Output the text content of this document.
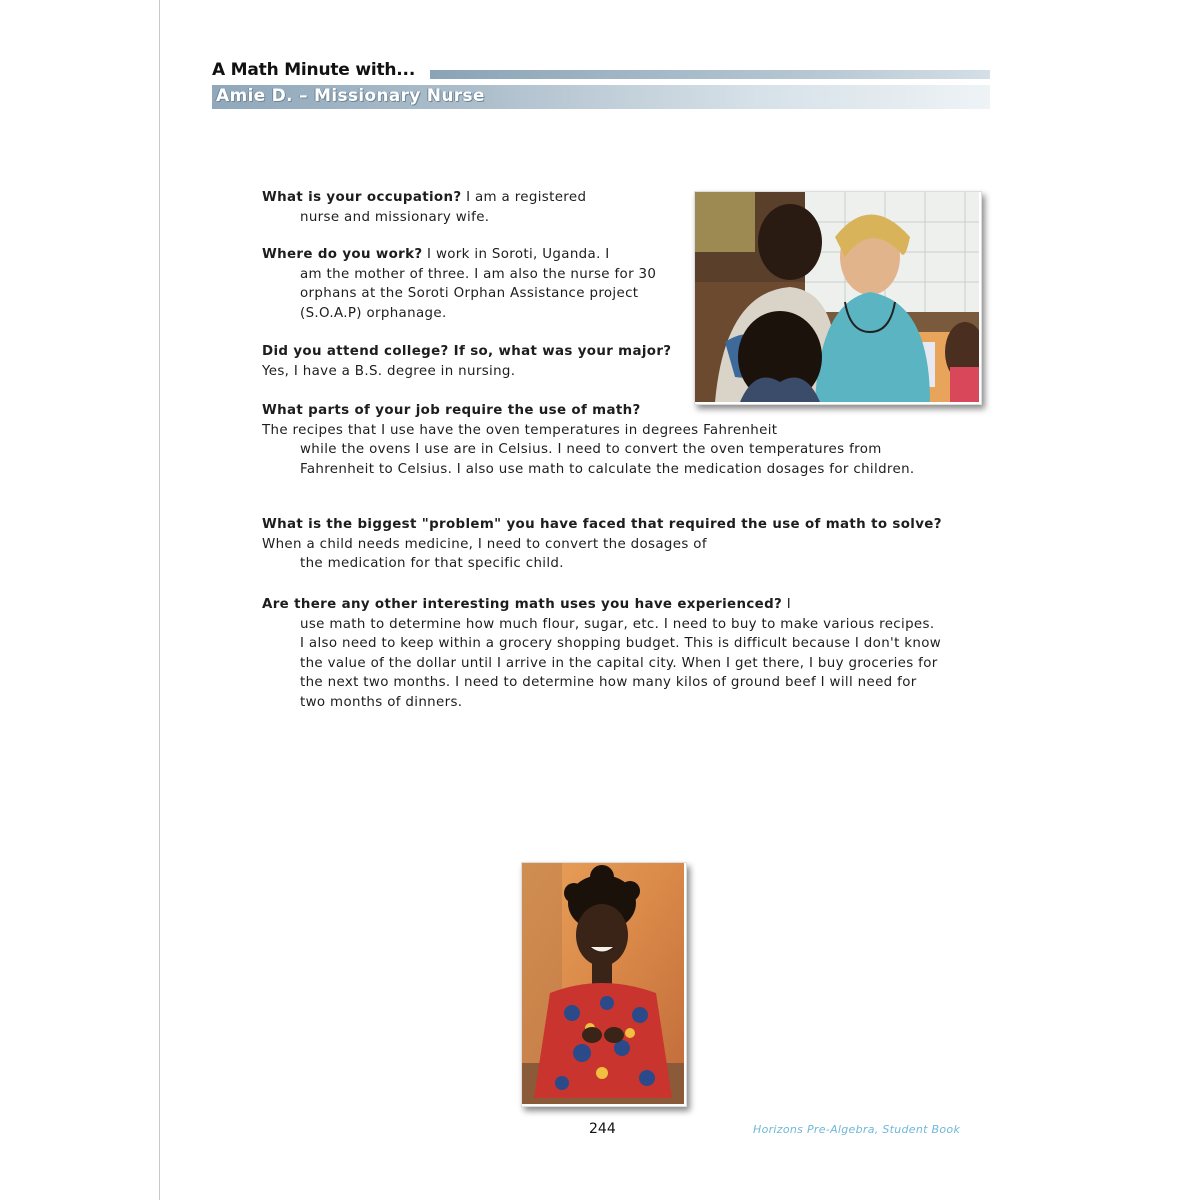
A Math Minute with...
Amie D. – Missionary Nurse
What is your occupation? I am a registered
nurse and missionary wife.
Where do you work? I work in Soroti, Uganda. I
am the mother of three. I am also the nurse for 30 orphans at the Soroti Orphan Assistance project (S.O.A.P) orphanage.
Did you attend college? If so, what was your major? Yes, I have a B.S. degree in nursing.
What parts of your job require the use of math? The recipes that I use have the oven temperatures in degrees Fahrenheit
while the ovens I use are in Celsius. I need to convert the oven temperatures from Fahrenheit to Celsius. I also use math to calculate the medication dosages for children.
What is the biggest "problem" you have faced that required the use of math to solve? When a child needs medicine, I need to convert the dosages of
the medication for that specific child.
Are there any other interesting math uses you have experienced? I
use math to determine how much flour, sugar, etc. I need to buy to make various recipes. I also need to keep within a grocery shopping budget. This is difficult because I don't know the value of the dollar until I arrive in the capital city. When I get there, I buy groceries for the next two months. I need to determine how many kilos of ground beef I will need for two months of dinners.
244	Horizons Pre-Algebra, Student Book
